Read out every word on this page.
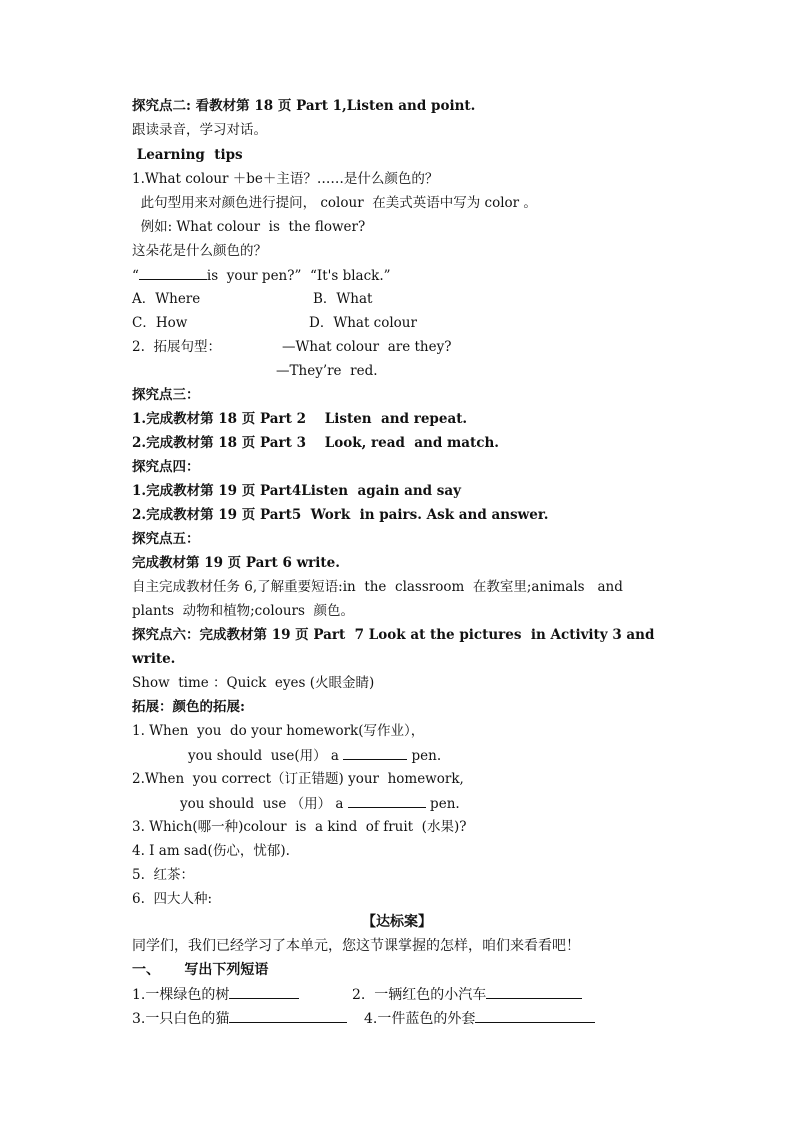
探究点二: 看教材第 18 页 Part 1,Listen and point.
跟读录音，学习对话。
Learning  tips
1.What colour ＋be＋主语？……是什么颜色的？
此句型用来对颜色进行提问， colour  在美式英语中写为 color 。
例如: What colour  is  the flower?
这朵花是什么颜色的？
“	is  your pen?”  “It's black.”
A．Where	B．What
C．How	D．What colour
2.  拓展句型：	—What colour  are they?
—They’re  red.
探究点三：
1.完成教材第 18 页 Part 2    Listen  and repeat.
2.完成教材第 18 页 Part 3    Look, read  and match.
探究点四：
1.完成教材第 19 页 Part4Listen  again and say
2.完成教材第 19 页 Part5  Work  in pairs. Ask and answer.
探究点五：
完成教材第 19 页 Part 6 write.
自主完成教材任务 6,了解重要短语:in  the  classroom  在教室里;animals   and
plants  动物和植物;colours  颜色。
探究点六：完成教材第 19 页 Part  7 Look at the pictures  in Activity 3 and
write.
Show  time ：Quick  eyes (火眼金睛)
拓展：颜色的拓展:
1. When  you  do your homework(写作业），
you should  use(用） a	pen.
2.When  you correct（订正错题) your  homework,
you should  use （用） a	pen.
3. Which(哪一种)colour  is  a kind  of fruit  (水果)?
4. I am sad(伤心，忧郁).
5.  红茶：
6.  四大人种:
【达标案】
同学们，我们已经学习了本单元，您这节课掌握的怎样，咱们来看看吧！
一、     写出下列短语
1.一棵绿色的树	2.  一辆红色的小汽车
3.一只白色的猫	4.一件蓝色的外套
